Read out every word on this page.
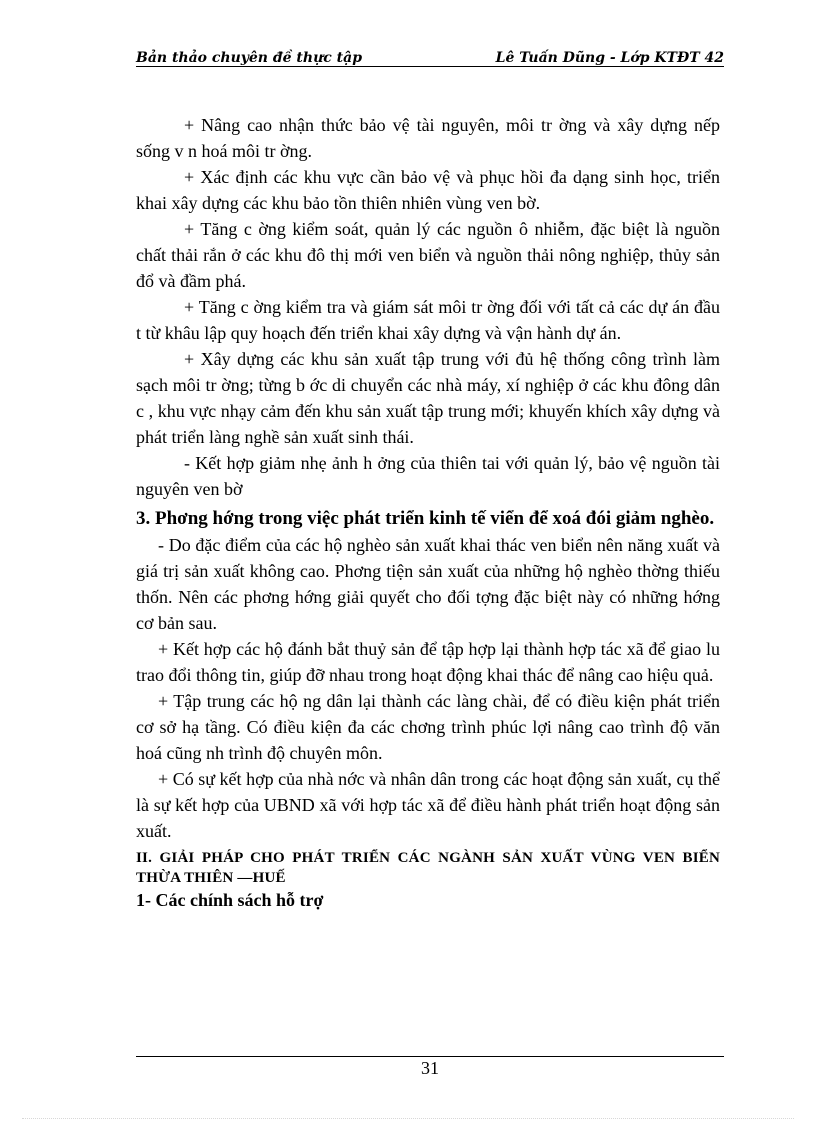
Bản thảo chuyên đề thực tập	Lê Tuấn Dũng - Lớp KTĐT 42

+ Nâng cao nhận thức bảo vệ tài nguyên, môi tr ờng và xây dựng nếp sống v n hoá môi tr ờng.

+ Xác định các khu vực cần bảo vệ và phục hồi đa dạng sinh học, triển khai xây dựng các khu bảo tồn thiên nhiên vùng ven bờ.

+ Tăng c ờng kiểm soát, quản lý các nguồn ô nhiễm, đặc biệt là nguồn chất thải rắn ở các khu đô thị mới ven biển và nguồn thải nông nghiệp, thủy sản đổ và đầm phá.

+ Tăng c ờng kiểm tra và giám sát môi tr ờng đối với tất cả các dự án đầu t từ khâu lập quy hoạch đến triển khai xây dựng và vận hành dự án.

+ Xây dựng các khu sản xuất tập trung với đủ hệ thống công trình làm sạch môi tr ờng; từng b ớc di chuyển các nhà máy, xí nghiệp ở các khu đông dân c , khu vực nhạy cảm đến khu sản xuất tập trung mới; khuyến khích xây dựng và phát triển làng nghề sản xuất sinh thái.

- Kết hợp giảm nhẹ ảnh h ởng của thiên tai với quản lý, bảo vệ nguồn tài nguyên ven bờ

3. Phơng hớng trong việc phát triển kinh tế viển để xoá đói giảm nghèo.

- Do đặc điểm của các hộ nghèo sản xuất khai thác ven biển nên năng xuất và giá trị sản xuất không cao. Phơng tiện sản xuất của những hộ nghèo thờng thiếu thốn. Nên các phơng hớng giải quyết cho đối tợng đặc biệt này có những hớng cơ bản sau.

+ Kết hợp các hộ đánh bắt thuỷ sản để tập hợp lại thành hợp tác xã để giao lu trao đổi thông tin, giúp đỡ nhau trong hoạt động khai thác để nâng cao hiệu quả.

+ Tập trung các hộ ng dân lại thành các làng chài, để có điều kiện phát triển cơ sở hạ tầng. Có điều kiện đa các chơng trình phúc lợi nâng cao trình độ văn hoá cũng nh trình độ chuyên môn.

+ Có sự kết hợp của nhà nớc và nhân dân trong các hoạt động sản xuất, cụ thể là sự kết hợp của UBND xã với hợp tác xã để điều hành phát triển hoạt động sản xuất.

II. GIẢI PHÁP CHO PHÁT TRIỂN CÁC NGÀNH SẢN XUẤT VÙNG VEN BIỂN THỪA THIÊN —HUẾ

1- Các chính sách hỗ trợ

31
